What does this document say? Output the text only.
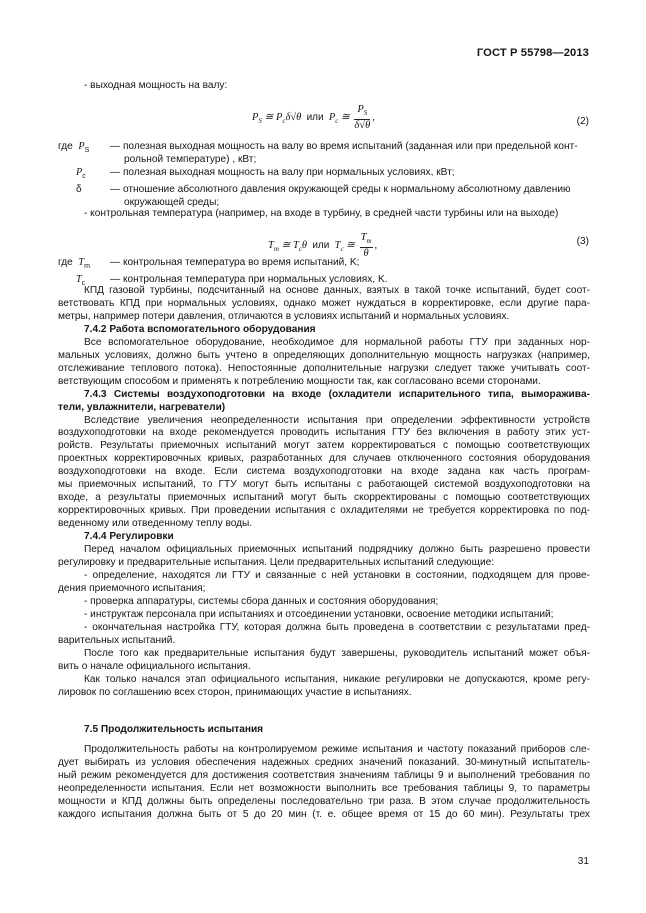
ГОСТ Р 55798—2013
- выходная мощность на валу:
$P_S$ ≅ $P_c\delta√\theta$ или $P_c$ ≅ $\frac{P_S}{\delta√\theta}$ ,	(2)
где $P_S$	— полезная выходная мощность на валу во время испытаний (заданная или при предельной конт-
рольной температуре) , кВт;
$P_c$	— полезная выходная мощность на валу при нормальных условиях, кВт;
δ	— отношение абсолютного давления окружающей среды к нормальному абсолютному давлению
окружающей среды;
- контрольная температура (например, на входе в турбину, в средней части турбины или на выходе)
$T_m$ ≅ $T_c\theta$ или $T_c$ ≅ $\frac{T_m}{\theta}$ ,	(3)
где $T_m$	— контрольная температура во время испытаний, K;
$T_c$	— контрольная температура при нормальных условиях, K.
КПД газовой турбины, подсчитанный на основе данных, взятых в такой точке испытаний, будет соот-
ветствовать КПД при нормальных условиях, однако может нуждаться в корректировке, если другие пара-
метры, например потери давления, отличаются в условиях испытаний и нормальных условиях.
7.4.2 Работа вспомогательного оборудования
Все вспомогательное оборудование, необходимое для нормальной работы ГТУ при заданных нор-
мальных условиях, должно быть учтено в определяющих дополнительную мощность нагрузках (например,
отслеживание теплового потока). Непостоянные дополнительные нагрузки следует также учитывать соот-
ветствующим способом и применять к потреблению мощности так, как согласовано всеми сторонами.
7.4.3 Системы воздухоподготовки на входе (охладители испарительного типа, вымораживa-
тели, увлажнители, нагреватели)
Вследствие увеличения неопределенности испытания при определении эффективности устройств
воздухоподготовки на входе рекомендуется проводить испытания ГТУ без включения в работу этих уст-
ройств. Результаты приемочных испытаний могут затем корректироваться с помощью соответствующих
проектных корректировочных кривых, разработанных для случаев отключенного состояния оборудования
воздухоподготовки на входе. Если система воздухоподготовки на входе задана как часть програм-
мы приемочных испытаний, то ГТУ могут быть испытаны с работающей системой воздухоподготовки на
входе, а результаты приемочных испытаний могут быть скорректированы с помощью соответствующих
корректировочных кривых. При проведении испытания с охладителями не требуется корректировка по под-
веденному или отведенному теплу воды.
7.4.4 Регулировки
Перед началом официальных приемочных испытаний подрядчику должно быть разрешено провести
регулировку и предварительные испытания. Цели предварительных испытаний следующие:
- определение, находятся ли ГТУ и связанные с ней установки в состоянии, подходящем для прове-
дения приемочного испытания;
- проверка аппаратуры, системы сбора данных и состояния оборудования;
- инструктаж персонала при испытаниях и отсоединении установки, освоение методики испытаний;
- окончательная настройка ГТУ, которая должна быть проведена в соответствии с результатами пред-
варительных испытаний.
После того как предварительные испытания будут завершены, руководитель испытаний может объя-
вить о начале официального испытания.
Как только начался этап официального испытания, никакие регулировки не допускаются, кроме регу-
лировок по соглашению всех сторон, принимающих участие в испытаниях.
7.5 Продолжительность испытания
Продолжительность работы на контролируемом режиме испытания и частоту показаний приборов сле-
дует выбирать из условия обеспечения надежных средних значений показаний. 30-минутный испытатель-
ный режим рекомендуется для достижения соответствия значениям таблицы 9 и выполнений требования по
неопределенности испытания. Если нет возможности выполнить все требования таблицы 9, то параметры
мощности и КПД должны быть определены последовательно три раза. В этом случае продолжительность
каждого испытания должна быть от 5 до 20 мин (т. е. общее время от 15 до 60 мин). Результаты трех
31
